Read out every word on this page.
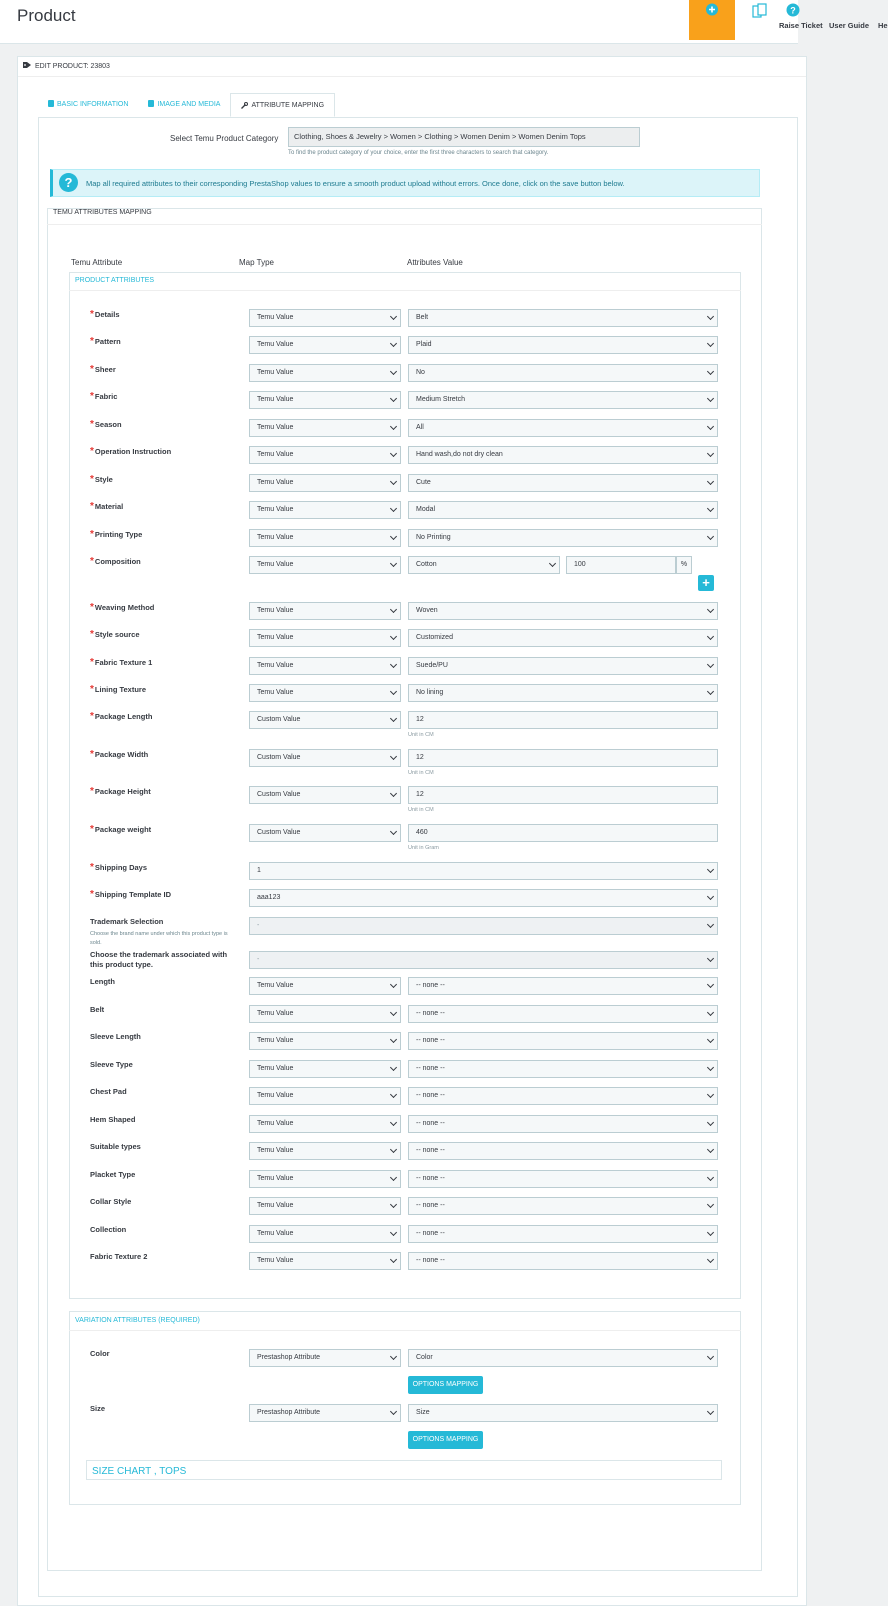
Product
Raise Ticket User Guide
?
He
EDIT PRODUCT: 23803
BASIC INFORMATION	IMAGE AND MEDIA	ATTRIBUTE MAPPING
Select Temu Product Category	Clothing, Shoes & Jewelry > Women > Clothing > Women Denim > Women Denim Tops
To find the product category of your choice, enter the first three characters to search that category.
?	Map all required attributes to their corresponding PrestaShop values to ensure a smooth product upload without errors. Once done, click on the save button below.
TEMU ATTRIBUTES MAPPING
Temu Attribute	Map Type	Attributes Value
PRODUCT ATTRIBUTES
*Details	Temu Value	Belt
*Pattern	Temu Value	Plaid
*Sheer	Temu Value	No
*Fabric	Temu Value	Medium Stretch
*Season	Temu Value	All
*Operation Instruction	Temu Value	Hand wash,do not dry clean
*Style	Temu Value	Cute
*Material	Temu Value	Modal
*Printing Type	Temu Value	No Printing
*Composition	Temu Value	Cotton	100	%
+
*Weaving Method	Temu Value	Woven
*Style source	Temu Value	Customized
*Fabric Texture 1	Temu Value	Suede/PU
*Lining Texture	Temu Value	No lining
*Package Length	Custom Value	12
Unit in CM
*Package Width	Custom Value	12
Unit in CM
*Package Height	Custom Value	12
Unit in CM
*Package weight	Custom Value	460
Unit in Gram
*Shipping Days	1
*Shipping Template ID	aaa123
Trademark Selection
Choose the brand name under which this product type is sold.
-
Choose the trademark associated with this product type.
-
Length	Temu Value	-- none --
Belt	Temu Value	-- none --
Sleeve Length	Temu Value	-- none --
Sleeve Type	Temu Value	-- none --
Chest Pad	Temu Value	-- none --
Hem Shaped	Temu Value	-- none --
Suitable types	Temu Value	-- none --
Placket Type	Temu Value	-- none --
Collar Style	Temu Value	-- none --
Collection	Temu Value	-- none --
Fabric Texture 2	Temu Value	-- none --
VARIATION ATTRIBUTES (REQUIRED)
Color	Prestashop Attribute	Color
OPTIONS MAPPING
Size	Prestashop Attribute	Size
OPTIONS MAPPING
SIZE CHART , TOPS
